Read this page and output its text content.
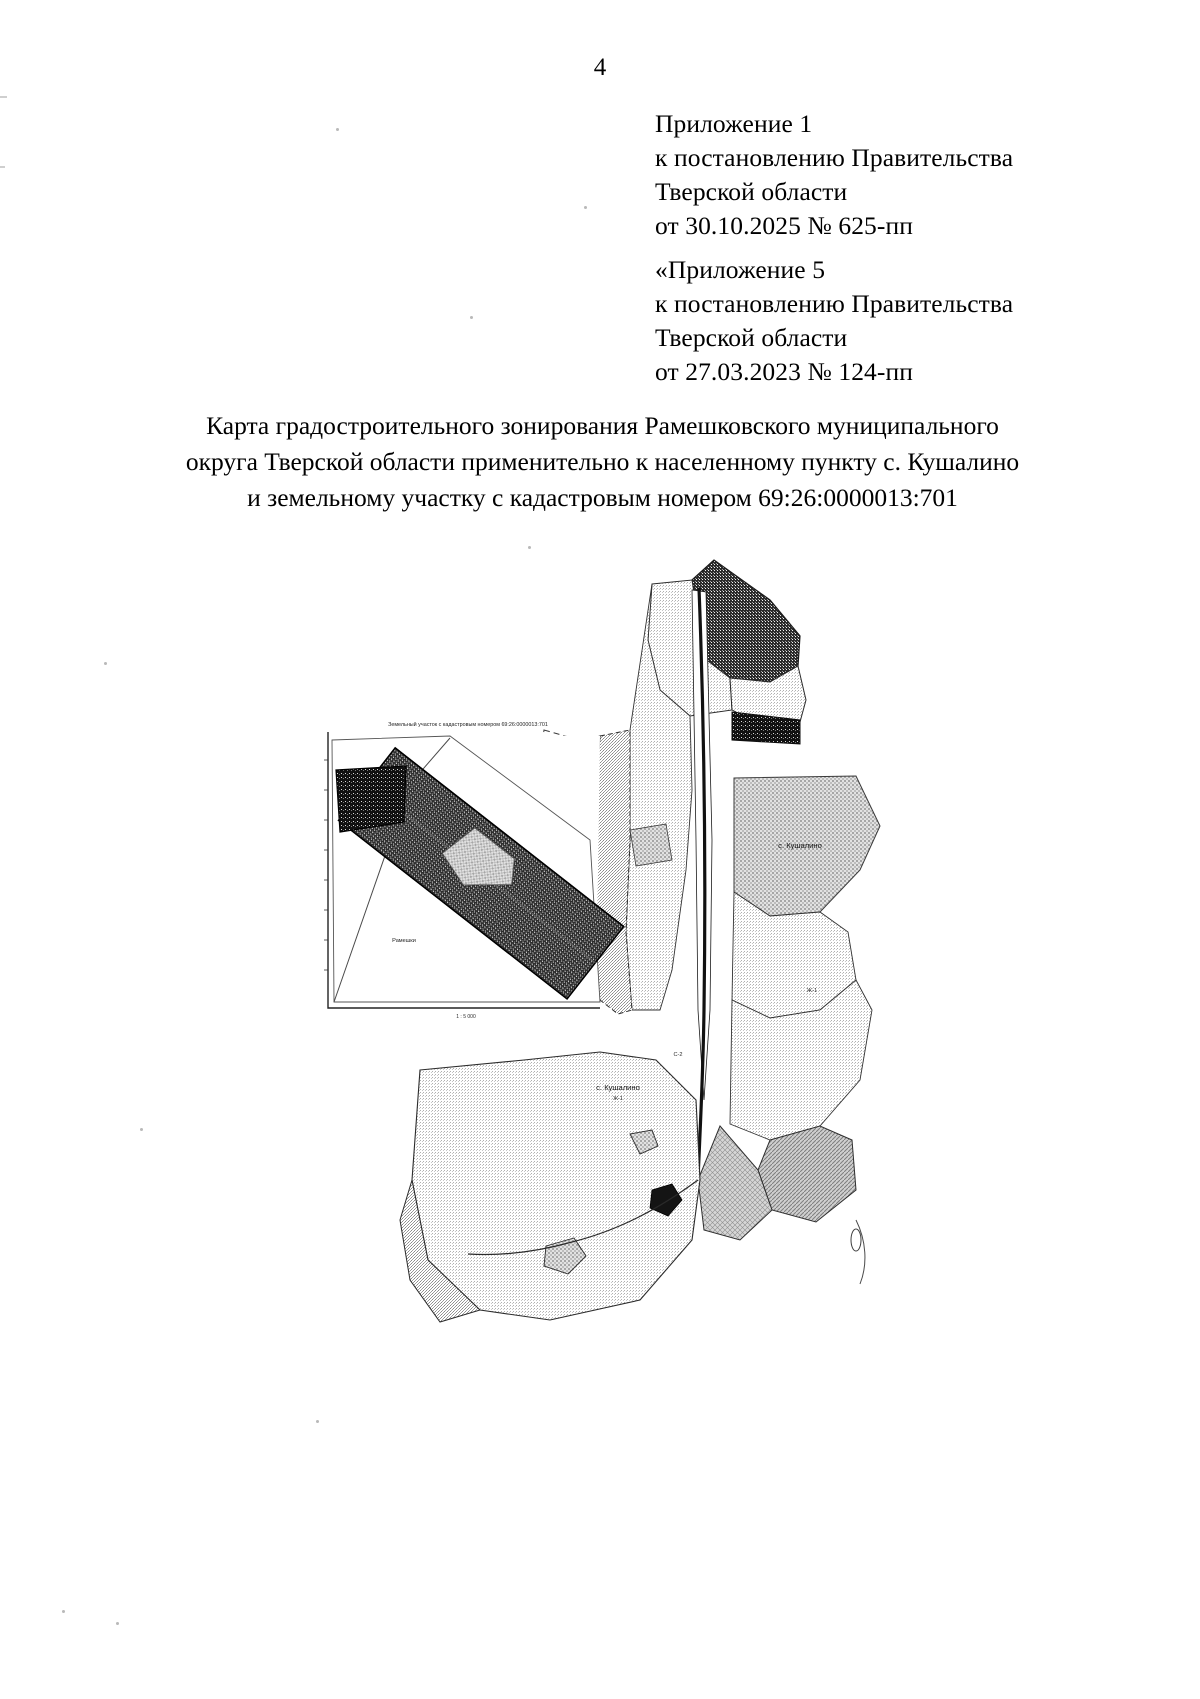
4
Приложение 1
к постановлению Правительства
Тверской области
от 30.10.2025 № 625-пп
«Приложение 5
к постановлению Правительства
Тверской области
от 27.03.2023 № 124-пп
Карта градостроительного зонирования Рамешковского муниципального
округа Тверской области применительно к населенному пункту с. Кушалино
и земельному участку с кадастровым номером 69:26:0000013:701
Земельный участок с кадастровым номером 69:26:0000013:701
Рамешки
1 : 5 000
с. Кушалино
с. Кушалино
Ж-1
С-2
Ж-1
